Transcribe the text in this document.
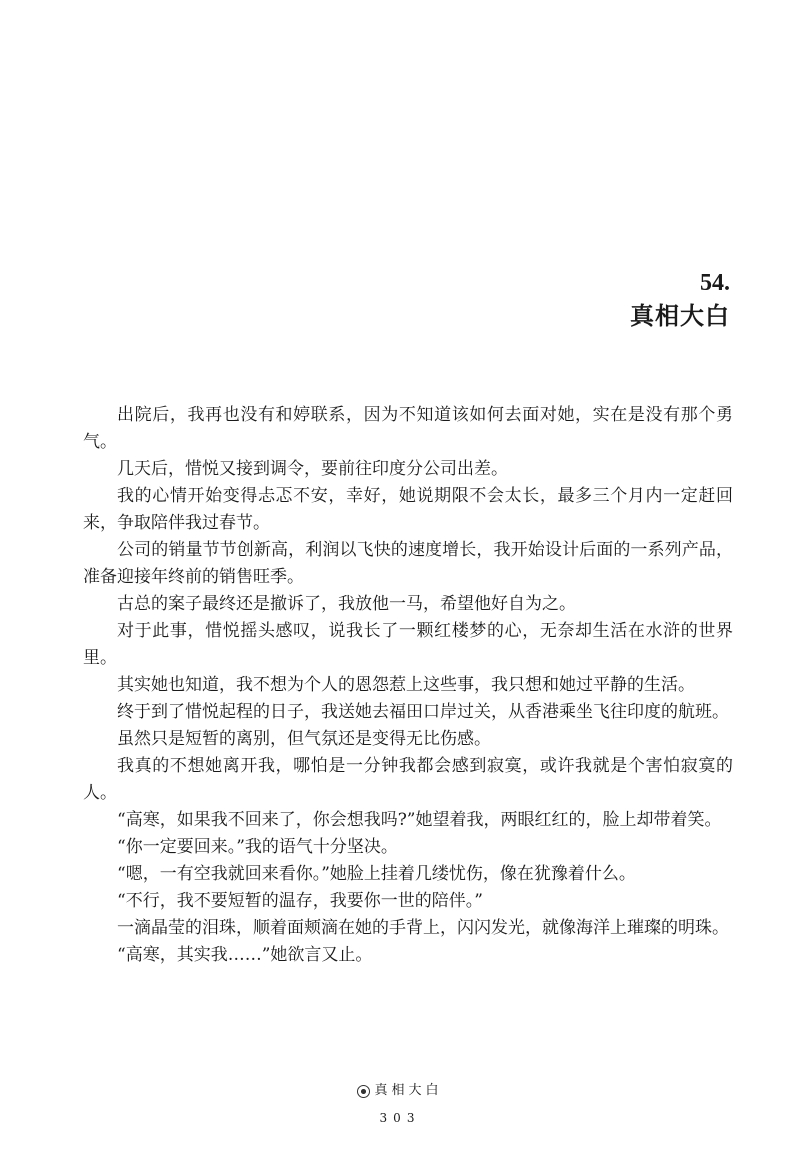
54.
真相大白

出院后，我再也没有和婷联系，因为不知道该如何去面对她，实在是没有那个勇气。

几天后，惜悦又接到调令，要前往印度分公司出差。

我的心情开始变得忐忑不安，幸好，她说期限不会太长，最多三个月内一定赶回来，争取陪伴我过春节。

公司的销量节节创新高，利润以飞快的速度增长，我开始设计后面的一系列产品，准备迎接年终前的销售旺季。

古总的案子最终还是撤诉了，我放他一马，希望他好自为之。

对于此事，惜悦摇头感叹，说我长了一颗红楼梦的心，无奈却生活在水浒的世界里。

其实她也知道，我不想为个人的恩怨惹上这些事，我只想和她过平静的生活。

终于到了惜悦起程的日子，我送她去福田口岸过关，从香港乘坐飞往印度的航班。

虽然只是短暂的离别，但气氛还是变得无比伤感。

我真的不想她离开我，哪怕是一分钟我都会感到寂寞，或许我就是个害怕寂寞的人。

“高寒，如果我不回来了，你会想我吗?”她望着我，两眼红红的，脸上却带着笑。

“你一定要回来。”我的语气十分坚决。

“嗯，一有空我就回来看你。”她脸上挂着几缕忧伤，像在犹豫着什么。

“不行，我不要短暂的温存，我要你一世的陪伴。”

一滴晶莹的泪珠，顺着面颊滴在她的手背上，闪闪发光，就像海洋上璀璨的明珠。

“高寒，其实我……”她欲言又止。

真相大白
303
